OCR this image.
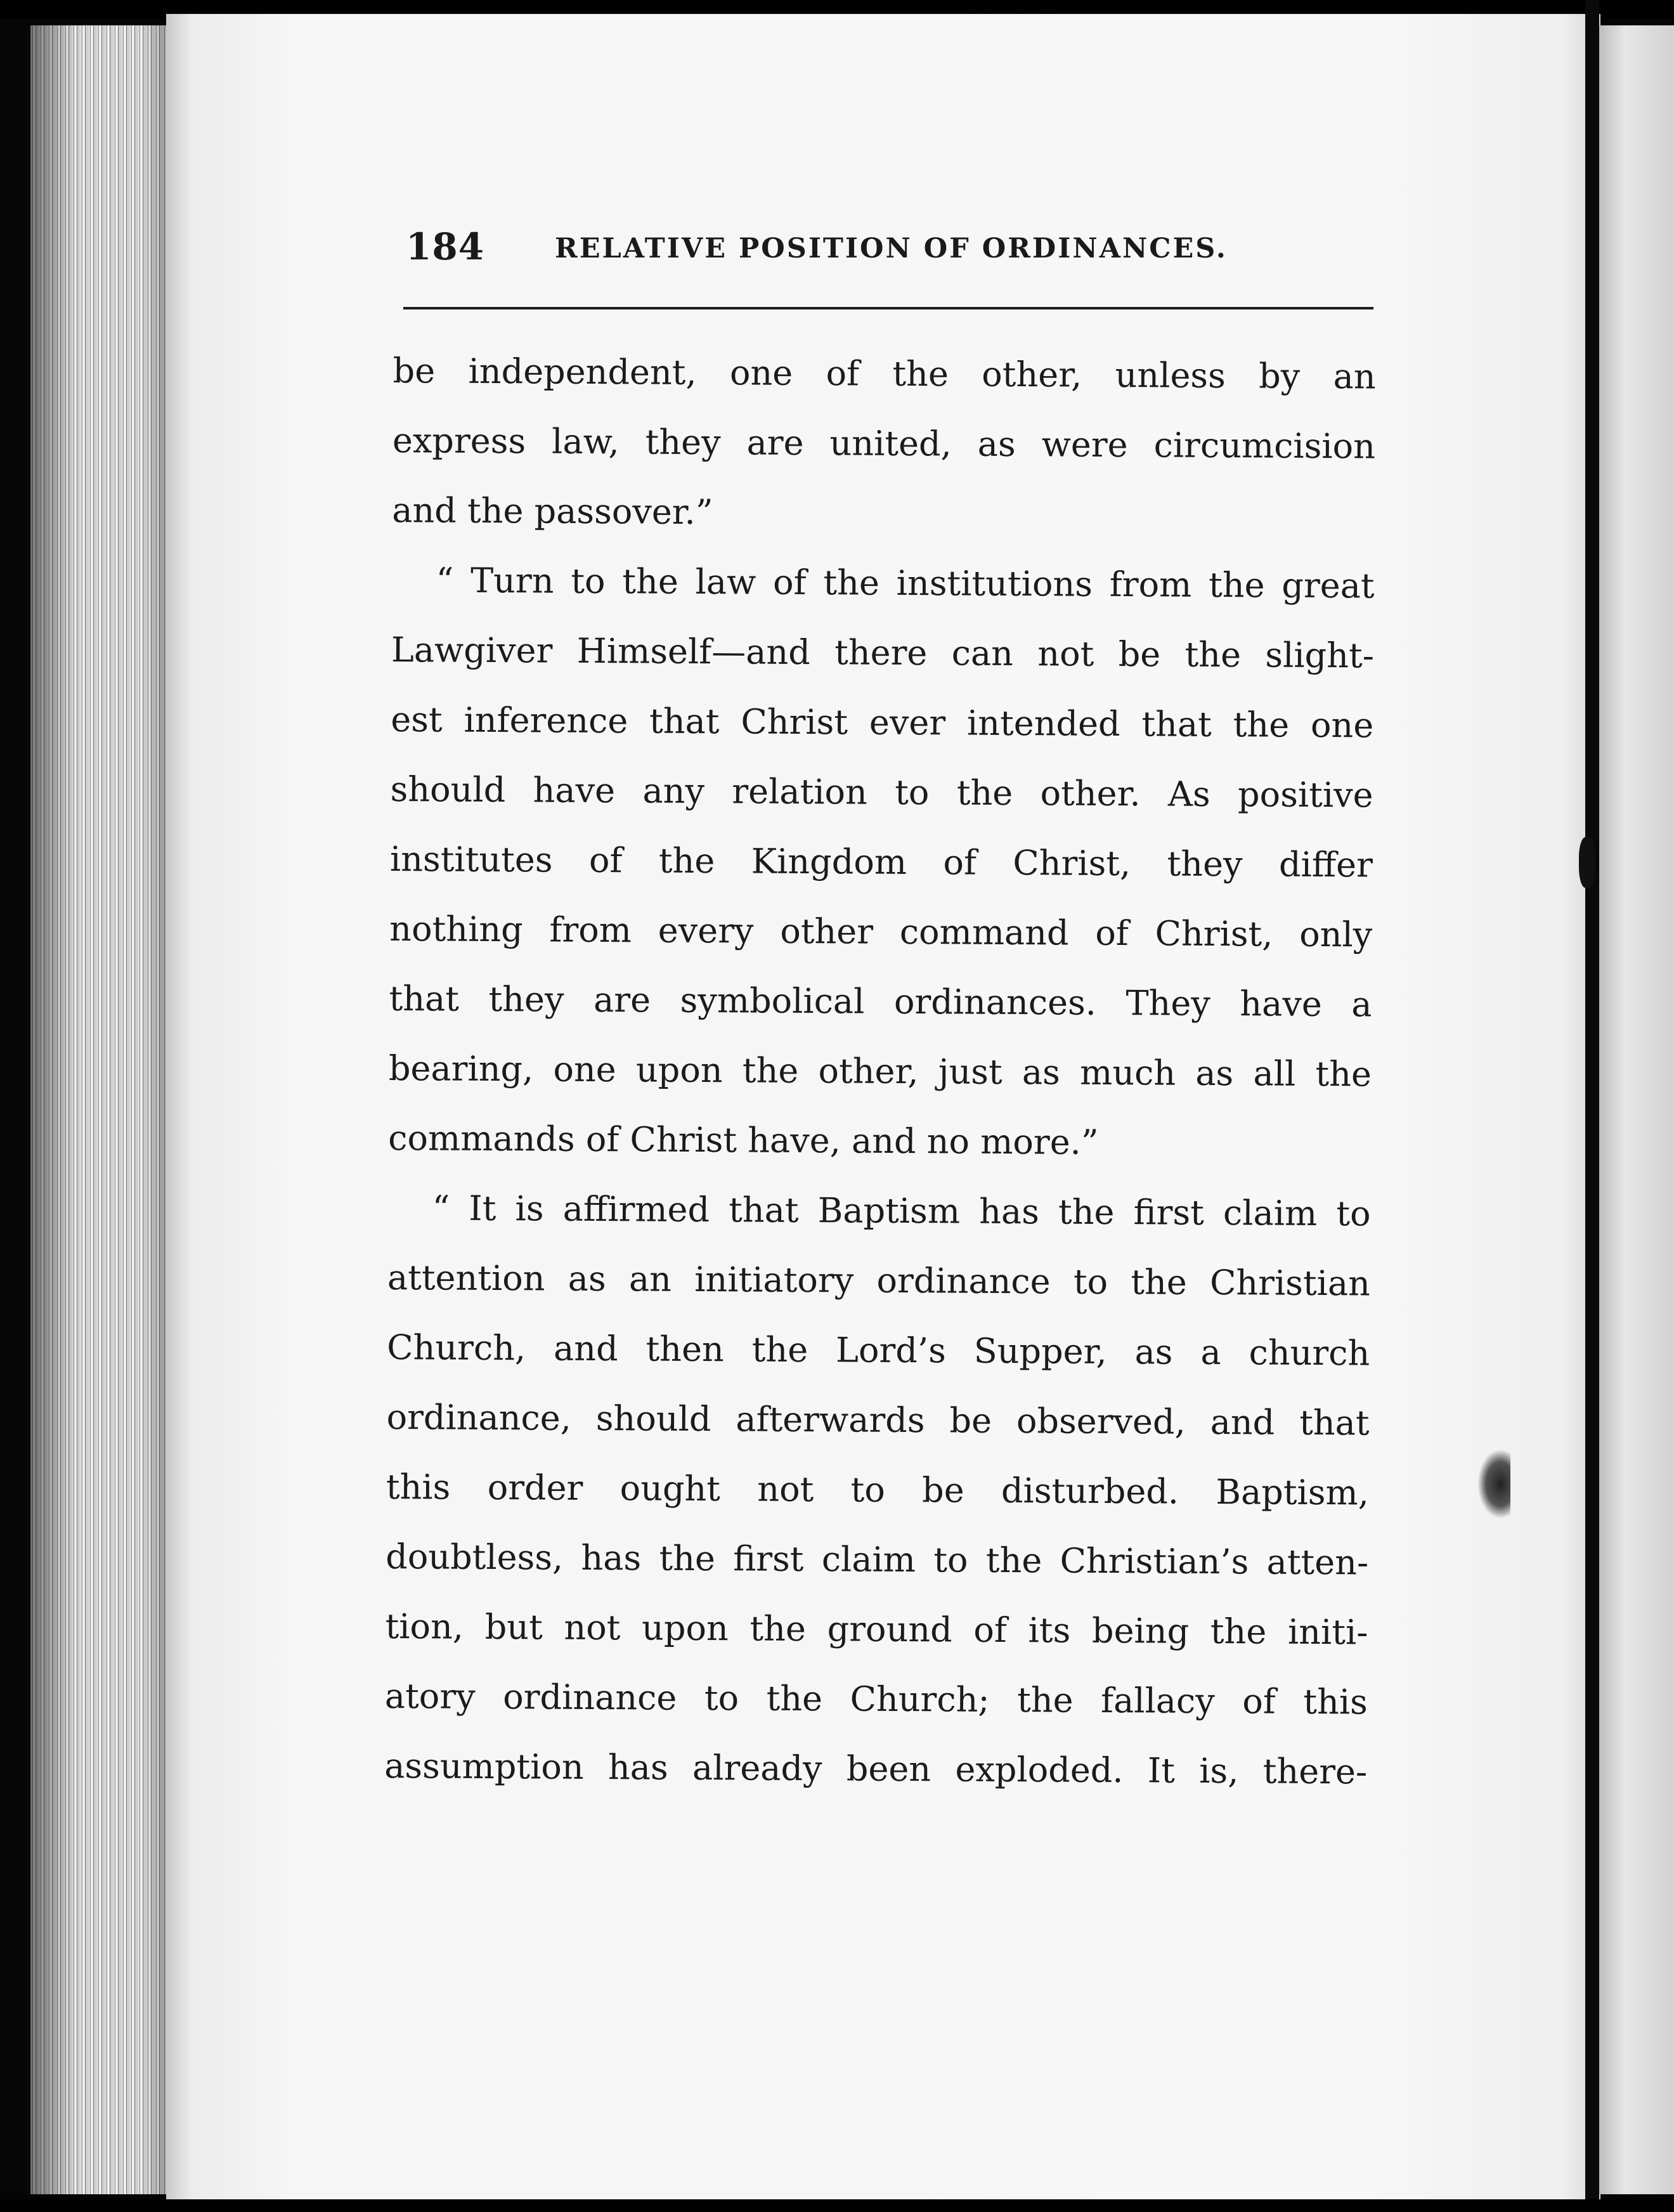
184	RELATIVE POSITION OF ORDINANCES.
be independent, one of the other, unless by an
express law, they are united, as were circumcision
and the passover.”
“ Turn to the law of the institutions from the great
Lawgiver Himself—and there can not be the slight-
est inference that Christ ever intended that the one
should have any relation to the other. As positive
institutes of the Kingdom of Christ, they differ
nothing from every other command of Christ, only
that they are symbolical ordinances. They have a
bearing, one upon the other, just as much as all the
commands of Christ have, and no more.”
“ It is affirmed that Baptism has the first claim to
attention as an initiatory ordinance to the Christian
Church, and then the Lord’s Supper, as a church
ordinance, should afterwards be observed, and that
this order ought not to be disturbed. Baptism,
doubtless, has the first claim to the Christian’s atten-
tion, but not upon the ground of its being the initi-
atory ordinance to the Church; the fallacy of this
assumption has already been exploded. It is, there-
